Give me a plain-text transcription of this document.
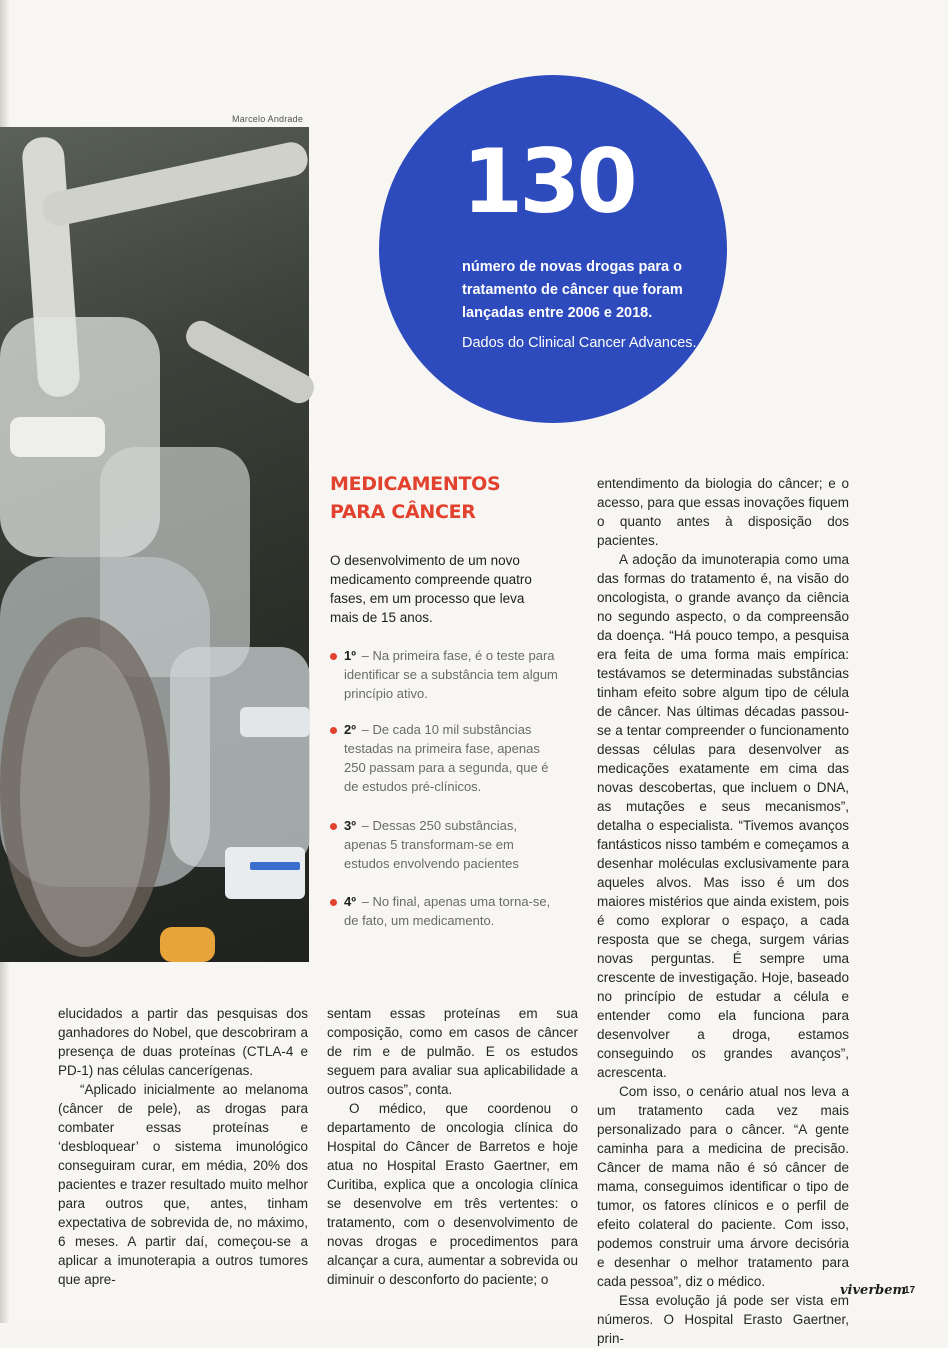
Marcelo Andrade
130
número de novas drogas para o tratamento de câncer que foram lançadas entre 2006 e 2018.
Dados do Clinical Cancer Advances.
MEDICAMENTOS
PARA CÂNCER
O desenvolvimento de um novo medicamento compreende quatro fases, em um processo que leva mais de 15 anos.
1º – Na primeira fase, é o teste para identificar se a substância tem algum princípio ativo.
2º – De cada 10 mil substâncias testadas na primeira fase, apenas 250 passam para a segunda, que é de estudos pré-clínicos.
3º – Dessas 250 substâncias, apenas 5 transformam-se em estudos envolvendo pacientes
4º – No final, apenas uma torna-se, de fato, um medicamento.

elucidados a partir das pesquisas dos ganhadores do Nobel, que descobriram a presença de duas proteínas (CTLA-4 e PD-1) nas células cancerígenas.

“Aplicado inicialmente ao melanoma (câncer de pele), as drogas para combater essas proteínas e ‘desbloquear’ o sistema imunológico conseguiram curar, em média, 20% dos pacientes e trazer resultado muito melhor para outros que, antes, tinham expectativa de sobrevida de, no máximo, 6 meses. A partir daí, começou-se a aplicar a imunoterapia a outros tumores que apre-

sentam essas proteínas em sua composição, como em casos de câncer de rim e de pulmão. E os estudos seguem para avaliar sua aplicabilidade a outros casos”, conta.

O médico, que coordenou o departamento de oncologia clínica do Hospital do Câncer de Barretos e hoje atua no Hospital Erasto Gaertner, em Curitiba, explica que a oncologia clínica se desenvolve em três vertentes: o tratamento, com o desenvolvimento de novas drogas e procedimentos para alcançar a cura, aumentar a sobrevida ou diminuir o desconforto do paciente; o

entendimento da biologia do câncer; e o acesso, para que essas inovações fiquem o quanto antes à disposição dos pacientes.

A adoção da imunoterapia como uma das formas do tratamento é, na visão do oncologista, o grande avanço da ciência no segundo aspecto, o da compreensão da doença. “Há pouco tempo, a pesquisa era feita de uma forma mais empírica: testávamos se determinadas substâncias tinham efeito sobre algum tipo de célula de câncer. Nas últimas décadas passou-se a tentar compreender o funcionamento dessas células para desenvolver as medicações exatamente em cima das novas descobertas, que incluem o DNA, as mutações e seus mecanismos”, detalha o especialista. “Tivemos avanços fantásticos nisso também e começamos a desenhar moléculas exclusivamente para aqueles alvos. Mas isso é um dos maiores mistérios que ainda existem, pois é como explorar o espaço, a cada resposta que se chega, surgem várias novas perguntas. É sempre uma crescente de investigação. Hoje, baseado no princípio de estudar a célula e entender como ela funciona para desenvolver a droga, estamos conseguindo os grandes avanços”, acrescenta.

Com isso, o cenário atual nos leva a um tratamento cada vez mais personalizado para o câncer. “A gente caminha para a medicina de precisão. Câncer de mama não é só câncer de mama, conseguimos identificar o tipo de tumor, os fatores clínicos e o perfil de efeito colateral do paciente. Com isso, podemos construir uma árvore decisória e desenhar o melhor tratamento para cada pessoa”, diz o médico.

Essa evolução já pode ser vista em números. O Hospital Erasto Gaertner, prin-

viverbem
17
